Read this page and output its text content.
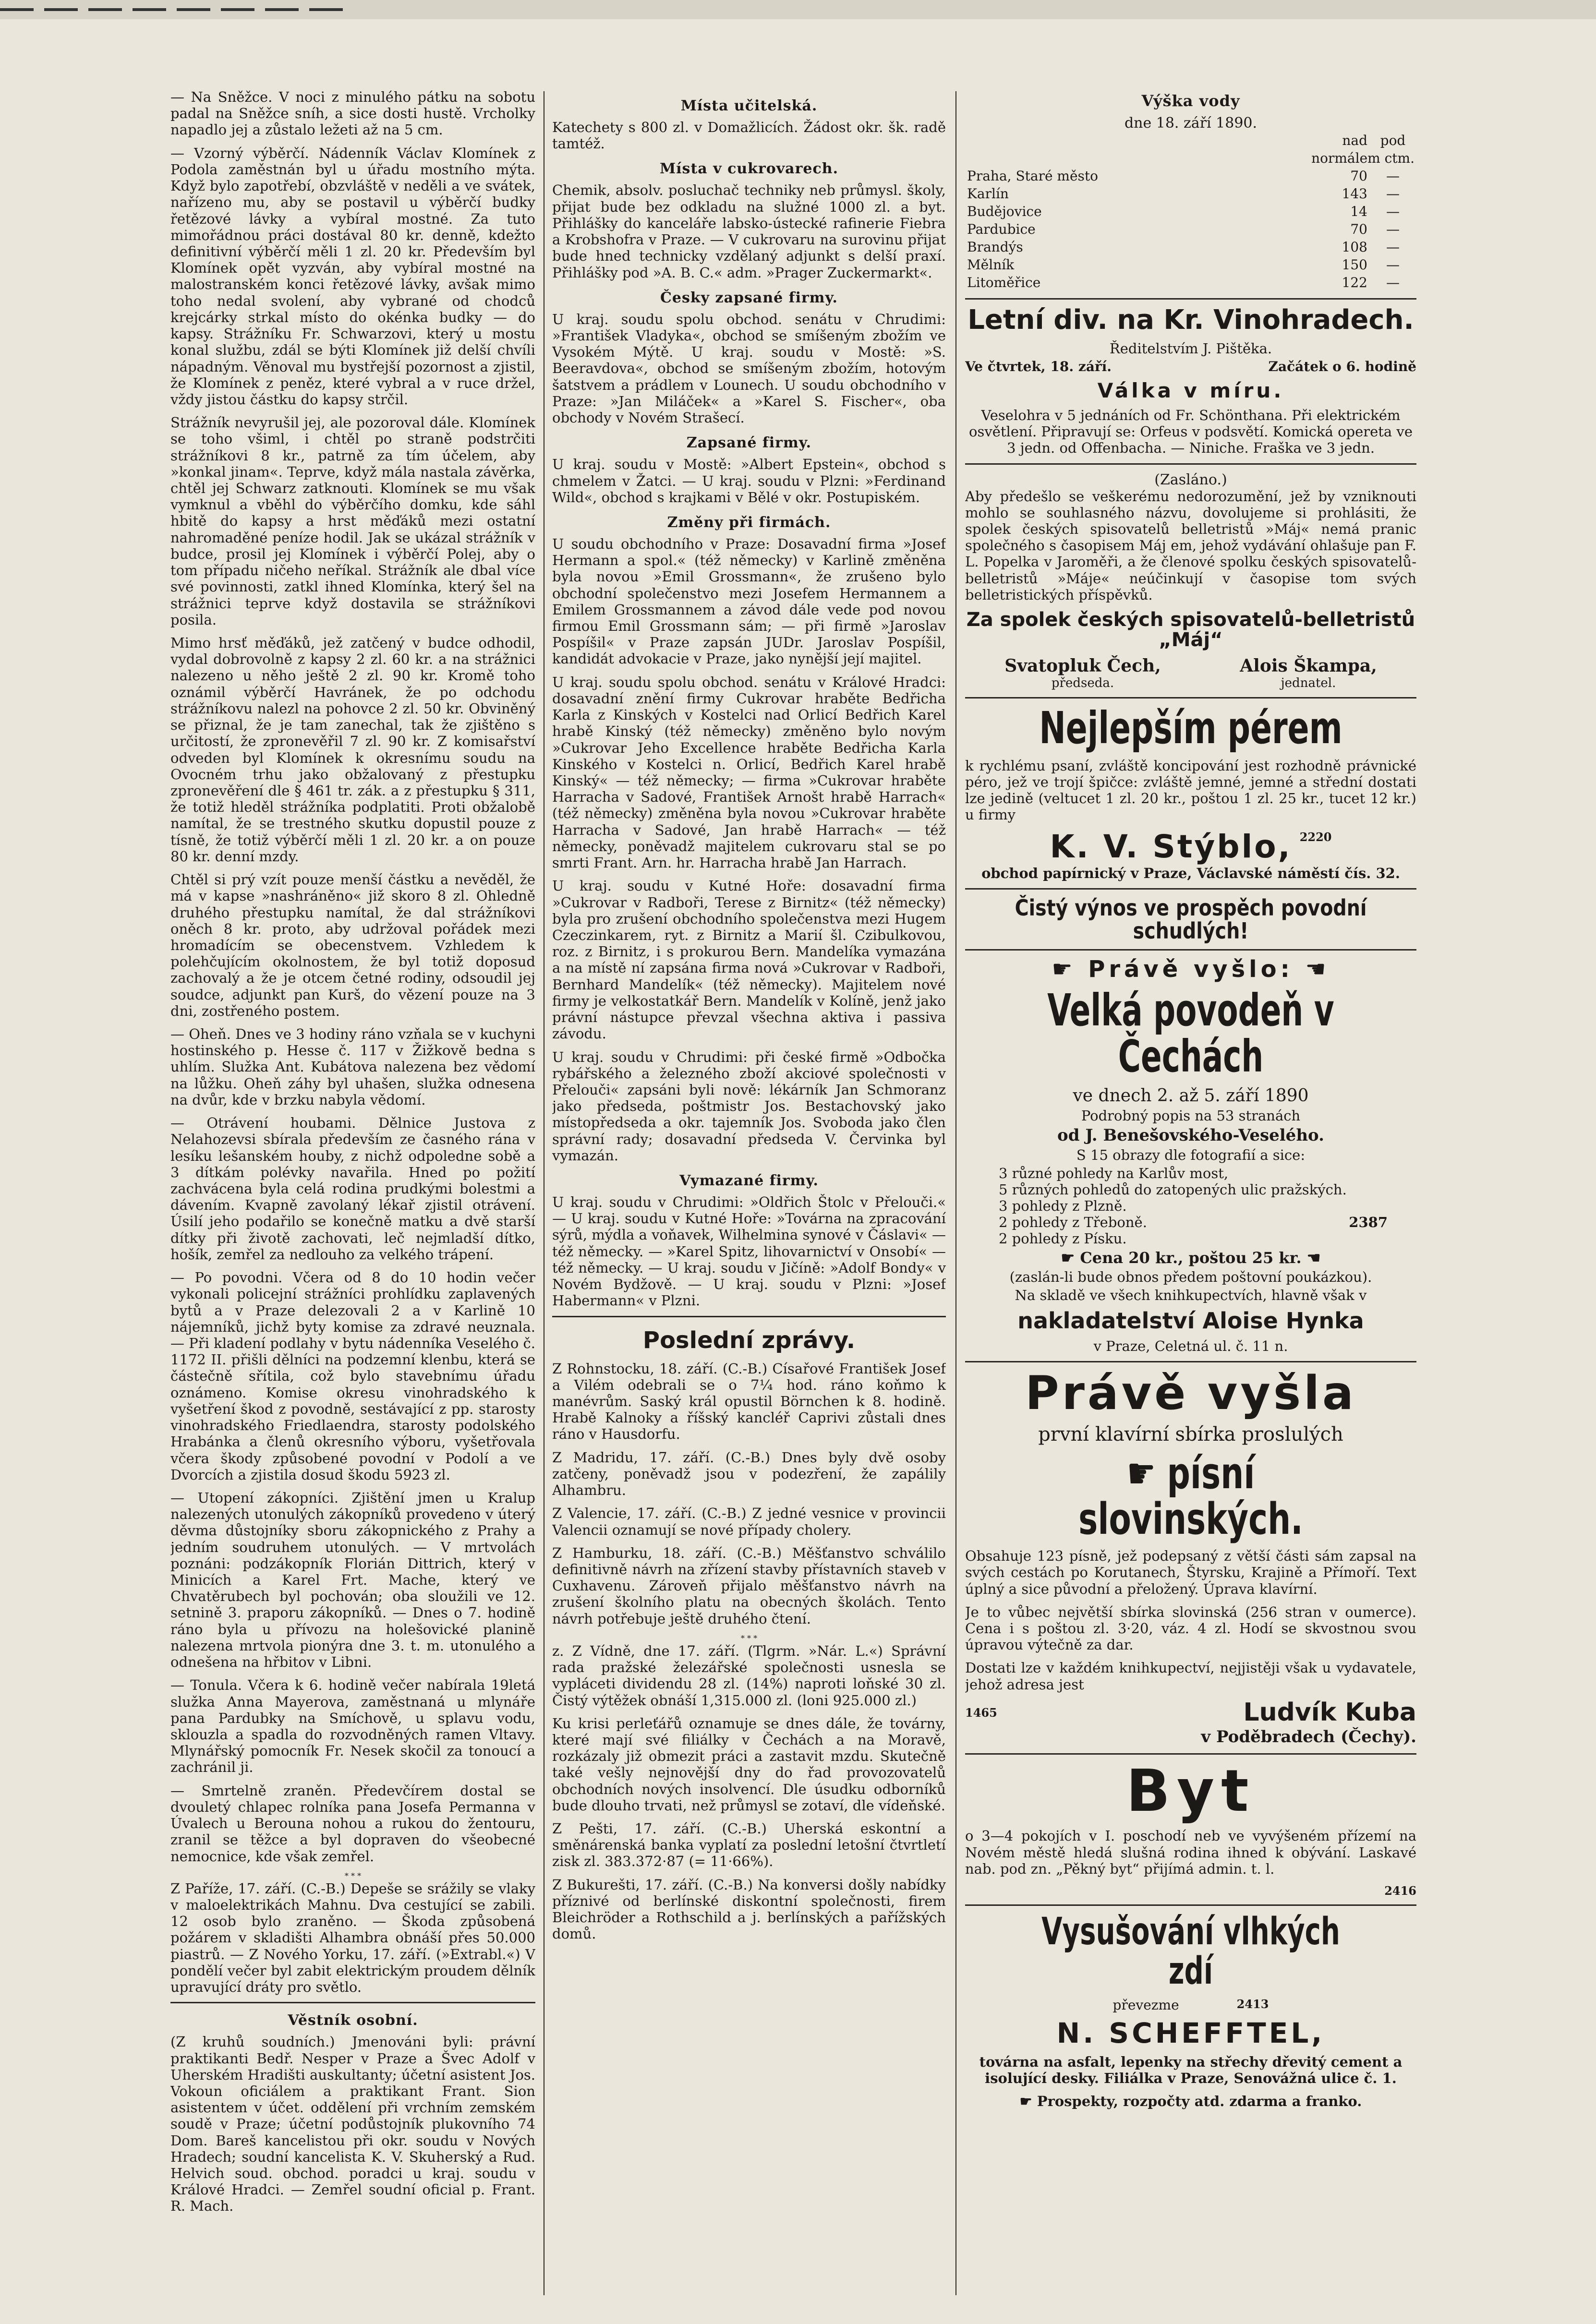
— Na Sněžce. V noci z minulého pátku na sobotu padal na Sněžce sníh, a sice dosti hustě. Vrcholky napadlo jej a zůstalo ležeti až na 5 cm.

— Vzorný výběrčí. Nádenník Václav Klomínek z Podola zaměstnán byl u úřadu mostního mýta. Když bylo zapotřebí, obzvláště v neděli a ve svátek, nařízeno mu, aby se postavil u výběrčí budky řetězové lávky a vybíral mostné. Za tuto mimořádnou práci dostával 80 kr. denně, kdežto definitivní výběrčí měli 1 zl. 20 kr. Především byl Klomínek opět vyzván, aby vybíral mostné na malostranském konci řetězové lávky, avšak mimo toho nedal svolení, aby vybrané od chodců krejcárky strkal místo do okénka budky — do kapsy. Strážníku Fr. Schwarzovi, který u mostu konal službu, zdál se býti Klomínek již delší chvíli nápadným. Věnoval mu bystřejší pozornost a zjistil, že Klomínek z peněz, které vybral a v ruce držel, vždy jistou částku do kapsy strčil.

Strážník nevyrušil jej, ale pozoroval dále. Klomínek se toho všiml, i chtěl po straně podstrčiti strážníkovi 8 kr., patrně za tím účelem, aby »konkal jinam«. Teprve, když mála nastala závěrka, chtěl jej Schwarz zatknouti. Klomínek se mu však vymknul a vběhl do výběrčího domku, kde sáhl hbitě do kapsy a hrst měďáků mezi ostatní nahromaděné peníze hodil. Jak se ukázal strážník v budce, prosil jej Klomínek i výběrčí Polej, aby o tom případu ničeho neříkal. Strážník ale dbal více své povinnosti, zatkl ihned Klomínka, který šel na strážnici teprve když dostavila se strážníkovi posila.

Mimo hrsť měďáků, jež zatčený v budce odhodil, vydal dobrovolně z kapsy 2 zl. 60 kr. a na strážnici nalezeno u něho ještě 2 zl. 90 kr. Kromě toho oznámil výběrčí Havránek, že po odchodu strážníkovu nalezl na pohovce 2 zl. 50 kr. Obviněný se přiznal, že je tam zanechal, tak že zjištěno s určitostí, že zpronevěřil 7 zl. 90 kr. Z komisařství odveden byl Klomínek k okresnímu soudu na Ovocném trhu jako obžalovaný z přestupku zpronevěření dle § 461 tr. zák. a z přestupku § 311, že totiž hleděl strážníka podplatiti. Proti obžalobě namítal, že se trestného skutku dopustil pouze z tísně, že totiž výběrčí měli 1 zl. 20 kr. a on pouze 80 kr. denní mzdy.

Chtěl si prý vzít pouze menší částku a nevěděl, že má v kapse »nashráněno« již skoro 8 zl. Ohledně druhého přestupku namítal, že dal strážníkovi oněch 8 kr. proto, aby udržoval pořádek mezi hromadícím se obecenstvem. Vzhledem k polehčujícím okolnostem, že byl totiž doposud zachovalý a že je otcem četné rodiny, odsoudil jej soudce, adjunkt pan Kurš, do vězení pouze na 3 dni, zostřeného postem.

— Oheň. Dnes ve 3 hodiny ráno vzňala se v kuchyni hostinského p. Hesse č. 117 v Žižkově bedna s uhlím. Služka Ant. Kubátova nalezena bez vědomí na lůžku. Oheň záhy byl uhašen, služka odnesena na dvůr, kde v brzku nabyla vědomí.

— Otrávení houbami. Dělnice Justova z Nelahozevsi sbírala především ze časného rána v lesíku lešanském houby, z nichž odpoledne sobě a 3 dítkám polévky navařila. Hned po požití zachvácena byla celá rodina prudkými bolestmi a dávením. Kvapně zavolaný lékař zjistil otrávení. Úsilí jeho podařilo se konečně matku a dvě starší dítky při životě zachovati, leč nejmladší dítko, hošík, zemřel za nedlouho za velkého trápení.

— Po povodni. Včera od 8 do 10 hodin večer vykonali policejní strážníci prohlídku zaplavených bytů a v Praze delezovali 2 a v Karlině 10 nájemníků, jichž byty komise za zdravé neuznala. — Při kladení podlahy v bytu nádenníka Veselého č. 1172 II. přišli dělníci na podzemní klenbu, která se částečně sřítila, což bylo stavebnímu úřadu oznámeno. Komise okresu vinohradského k vyšetření škod z povodně, sestávající z pp. starosty vinohradského Friedlaendra, starosty podolského Hrabánka a členů okresního výboru, vyšetřovala včera škody způsobené povodní v Podolí a ve Dvorcích a zjistila dosud škodu 5923 zl.

— Utopení zákopníci. Zjištění jmen u Kralup nalezených utonulých zákopníků provedeno v úterý děvma důstojníky sboru zákopnického z Prahy a jedním soudruhem utonulých. — V mrtvolách poznáni: podzákopník Florián Dittrich, který v Minicích a Karel Frt. Mache, který ve Chvatěrubech byl pochován; oba sloužili ve 12. setnině 3. praporu zákopníků. — Dnes o 7. hodině ráno byla u přívozu na holešovické planině nalezena mrtvola pionýra dne 3. t. m. utonulého a odnešena na hřbitov v Libni.

— Tonula. Včera k 6. hodině večer nabírala 19letá služka Anna Mayerova, zaměstnaná u mlynáře pana Pardubky na Smíchově, u splavu vodu, sklouzla a spadla do rozvodněných ramen Vltavy. Mlynářský pomocník Fr. Nesek skočil za tonoucí a zachránil ji.

— Smrtelně zraněn. Předevčírem dostal se dvouletý chlapec rolníka pana Josefa Permanna v Úvalech u Berouna nohou a rukou do žentouru, zranil se těžce a byl dopraven do všeobecné nemocnice, kde však zemřel.

* * *

Z Paříže, 17. září. (C.-B.) Depeše se srážily se vlaky v maloelektrikách Mahnu. Dva cestující se zabili. 12 osob bylo zraněno. — Škoda způsobená požárem v skladišti Alhambra obnáší přes 50.000 piastrů. — Z Nového Yorku, 17. září. (»Extrabl.«) V pondělí večer byl zabit elektrickým proudem dělník upravující dráty pro světlo.

Věstník osobní.

(Z kruhů soudních.) Jmenováni byli: právní praktikanti Bedř. Nesper v Praze a Švec Adolf v Uherském Hradišti auskultanty; účetní asistent Jos. Vokoun oficiálem a praktikant Frant. Sion asistentem v účet. oddělení při vrchním zemském soudě v Praze; účetní podůstojník plukovního 74 Dom. Bareš kancelistou při okr. soudu v Nových Hradech; soudní kancelista K. V. Skuherský a Rud. Helvich soud. obchod. poradci u kraj. soudu v Králové Hradci. — Zemřel soudní oficial p. Frant. R. Mach.

Místa učitelská.

Katechety s 800 zl. v Domažlicích. Žádost okr. šk. radě tamtéž.

Místa v cukrovarech.

Chemik, absolv. posluchač techniky neb průmysl. školy, přijat bude bez odkladu na služné 1000 zl. a byt. Přihlášky do kanceláře labsko-ústecké rafinerie Fiebra a Krobshofra v Praze. — V cukrovaru na surovinu přijat bude hned technicky vzdělaný adjunkt s delší praxí. Přihlášky pod »A. B. C.« adm. »Prager Zuckermarkt«.

Česky zapsané firmy.

U kraj. soudu spolu obchod. senátu v Chrudimi: »František Vladyka«, obchod se smíšeným zbožím ve Vysokém Mýtě. U kraj. soudu v Mostě: »S. Beeravdova«, obchod se smíšeným zbožím, hotovým šatstvem a prádlem v Lounech. U soudu obchodního v Praze: »Jan Miláček« a »Karel S. Fischer«, oba obchody v Novém Strašecí.

Zapsané firmy.

U kraj. soudu v Mostě: »Albert Epstein«, obchod s chmelem v Žatci. — U kraj. soudu v Plzni: »Ferdinand Wild«, obchod s krajkami v Bělé v okr. Postupiském.

Změny při firmách.

U soudu obchodního v Praze: Dosavadní firma »Josef Hermann a spol.« (též německy) v Karlině změněna byla novou »Emil Grossmann«, že zrušeno bylo obchodní společenstvo mezi Josefem Hermannem a Emilem Grossmannem a závod dále vede pod novou firmou Emil Grossmann sám; — při firmě »Jaroslav Pospíšil« v Praze zapsán JUDr. Jaroslav Pospíšil, kandidát advokacie v Praze, jako nynější její majitel.

U kraj. soudu spolu obchod. senátu v Králové Hradci: dosavadní znění firmy Cukrovar hraběte Bedřicha Karla z Kinských v Kostelci nad Orlicí Bedřich Karel hrabě Kinský (též německy) změněno bylo novým »Cukrovar Jeho Excellence hraběte Bedřicha Karla Kinského v Kostelci n. Orlicí, Bedřich Karel hrabě Kinský« — též německy; — firma »Cukrovar hraběte Harracha v Sadové, František Arnošt hrabě Harrach« (též německy) změněna byla novou »Cukrovar hraběte Harracha v Sadové, Jan hrabě Harrach« — též německy, poněvadž majitelem cukrovaru stal se po smrti Frant. Arn. hr. Harracha hrabě Jan Harrach.

U kraj. soudu v Kutné Hoře: dosavadní firma »Cukrovar v Radboři, Terese z Birnitz« (též německy) byla pro zrušení obchodního společenstva mezi Hugem Czeczinkarem, ryt. z Birnitz a Marií šl. Czibulkovou, roz. z Birnitz, i s prokurou Bern. Mandelíka vymazána a na místě ní zapsána firma nová »Cukrovar v Radboři, Bernhard Mandelík« (též německy). Majitelem nové firmy je velkostatkář Bern. Mandelík v Kolíně, jenž jako právní nástupce převzal všechna aktiva i passiva závodu.

U kraj. soudu v Chrudimi: při české firmě »Odbočka rybářského a železného zboží akciové společnosti v Přelouči« zapsáni byli nově: lékárník Jan Schmoranz jako předseda, poštmistr Jos. Bestachovský jako místopředseda a okr. tajemník Jos. Svoboda jako člen správní rady; dosavadní předseda V. Červinka byl vymazán.

Vymazané firmy.

U kraj. soudu v Chrudimi: »Oldřich Štolc v Přelouči.« — U kraj. soudu v Kutné Hoře: »Továrna na zpracování sýrů, mýdla a voňavek, Wilhelmina synové v Čáslavi« — též německy. — »Karel Spitz, lihovarnictví v Onsobí« — též německy. — U kraj. soudu v Jičíně: »Adolf Bondy« v Novém Bydžově. — U kraj. soudu v Plzni: »Josef Habermann« v Plzni.

Poslední zprávy.

Z Rohnstocku, 18. září. (C.-B.) Císařové František Josef a Vilém odebrali se o 7¼ hod. ráno koňmo k manévrům. Saský král opustil Börnchen k 8. hodině. Hrabě Kalnoky a říšský kancléř Caprivi zůstali dnes ráno v Hausdorfu.

Z Madridu, 17. září. (C.-B.) Dnes byly dvě osoby zatčeny, poněvadž jsou v podezření, že zapálily Alhambru.

Z Valencie, 17. září. (C.-B.) Z jedné vesnice v provincii Valencii oznamují se nové případy cholery.

Z Hamburku, 18. září. (C.-B.) Měšťanstvo schválilo definitivně návrh na zřízení stavby přístavních staveb v Cuxhavenu. Zároveň přijalo měšťanstvo návrh na zrušení školního platu na obecných školách. Tento návrh potřebuje ještě druhého čtení.

* * *

z. Z Vídně, dne 17. září. (Tlgrm. »Nár. L.«) Správní rada pražské železářské společnosti usnesla se vypláceti dividendu 28 zl. (14%) naproti loňské 30 zl. Čistý výtěžek obnáší 1,315.000 zl. (loni 925.000 zl.)

Ku krisi perleťářů oznamuje se dnes dále, že továrny, které mají své filiálky v Čechách a na Moravě, rozkázaly již obmezit práci a zastavit mzdu. Skutečně také vešly nejnovější dny do řad provozovatelů obchodních nových insolvencí. Dle úsudku odborníků bude dlouho trvati, než průmysl se zotaví, dle vídeňské.

Z Pešti, 17. září. (C.-B.) Uherská eskontní a směnárenská banka vyplatí za poslední letošní čtvrtletí zisk zl. 383.372·87 (= 11·66%).

Z Bukurešti, 17. září. (C.-B.) Na konversi došly nabídky příznivé od berlínské diskontní společnosti, firem Bleichröder a Rothschild a j. berlínských a pařížských domů.

Výška vody
dne 18. září 1890.
	nad	pod
	normálem ctm.	
Praha, Staré město	70	—
Karlín	143	—
Budějovice	14	—
Pardubice	70	—
Brandýs	108	—
Mělník	150	—
Litoměřice	122	—
Letní div. na Kr. Vinohradech.
Ředitelstvím J. Pištěka.
Ve čtvrtek, 18. září.	Začátek o 6. hodině
Válka v míru.

Veselohra v 5 jednáních od Fr. Schönthana. Při elektrickém osvětlení. Připravují se: Orfeus v podsvětí. Komická opereta ve 3 jedn. od Offenbacha. — Niniche. Fraška ve 3 jedn.

(Zasláno.)

Aby předešlo se veškerému nedorozumění, jež by vzniknouti mohlo se souhlasného názvu, dovolujeme si prohlásiti, že spolek českých spisovatelů belletristů »Máj« nemá pranic společného s časopisem Máj em, jehož vydávání ohlašuje pan F. L. Popelka v Jaroměři, a že členové spolku českých spisovatelů-belletristů »Máje« neúčinkují v časopise tom svých belletristických příspěvků.

Za spolek českých spisovatelů-belletristů „Máj“
Svatopluk Čech,
předseda.
Alois Škampa,
jednatel.
Nejlepším pérem

k rychlému psaní, zvláště koncipování jest rozhodně právnické péro, jež ve trojí špičce: zvláště jemné, jemné a střední dostati lze jedině (veltucet 1 zl. 20 kr., poštou 1 zl. 25 kr., tucet 12 kr.) u firmy

K. V. Stýblo, 2220
obchod papírnický v Praze, Václavské náměstí čís. 32.
Čistý výnos ve prospěch povodní schudlých!
☛ Právě vyšlo: ☚
Velká povodeň v Čechách
ve dnech 2. až 5. září 1890
Podrobný popis na 53 stranách
od J. Benešovského-Veselého.
S 15 obrazy dle fotografií a sice:
3 různé pohledy na Karlův most,
5 různých pohledů do zatopených ulic pražských.
3 pohledy z Plzně.
2 pohledy z Třeboně.	2387
2 pohledy z Písku.
☛ Cena 20 kr., poštou 25 kr. ☚
(zaslán-li bude obnos předem poštovní poukázkou).
Na skladě ve všech knihkupectvích, hlavně však v
nakladatelství Aloise Hynka
v Praze, Celetná ul. č. 11 n.
Právě vyšla
první klavírní sbírka proslulých
☛ písní slovinských.

Obsahuje 123 písně, jež podepsaný z větší části sám zapsal na svých cestách po Korutanech, Štyrsku, Krajině a Přímoří. Text úplný a sice původní a přeložený. Úprava klavírní.

Je to vůbec největší sbírka slovinská (256 stran v oumerce). Cena i s poštou zl. 3·20, váz. 4 zl. Hodí se skvostnou svou úpravou výtečně za dar.

Dostati lze v každém knihkupectví, nejjistěji však u vydavatele, jehož adresa jest

1465	Ludvík Kuba
v Poděbradech (Čechy).
Byt

o 3—4 pokojích v I. poschodí neb ve vyvýšeném přízemí na Novém městě hledá slušná rodina ihned k obývání. Laskavé nab. pod zn. „Pěkný byt“ přijímá admin. t. l.

2416
Vysušování vlhkých zdí
převezme	2413
N. SCHEFFTEL,

továrna na asfalt, lepenky na střechy dřevitý cement a isolující desky. Filiálka v Praze, Senovážná ulice č. 1.

☛ Prospekty, rozpočty atd. zdarma a franko.
